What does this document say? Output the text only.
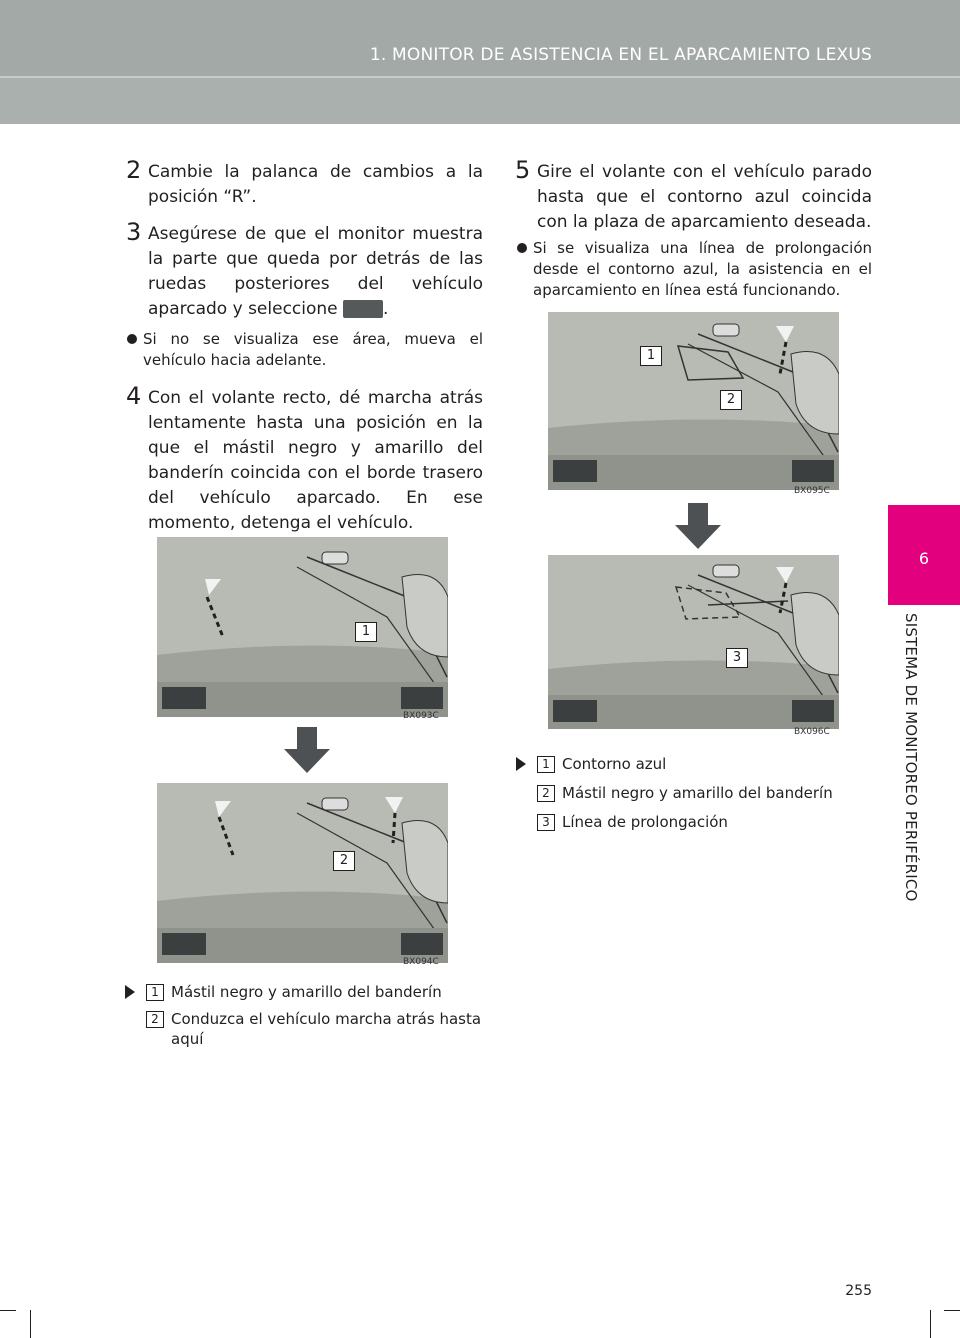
1. MONITOR DE ASISTENCIA EN EL APARCAMIENTO LEXUS
6
SISTEMA DE MONITOREO PERIFÉRICO
2 Cambie la palanca de cambios a la posición “R”.
3 Asegúrese de que el monitor muestra la parte que queda por detrás de las ruedas posteriores del vehículo aparcado y seleccione	.
Si no se visualiza ese área, mueva el vehículo hacia adelante.
4 Con el volante recto, dé marcha atrás lentamente hasta una posición en la que el mástil negro y amarillo del banderín coincida con el borde trasero del vehículo aparcado. En ese momento, detenga el vehículo.
1
BX093C
2
BX094C
1 Mástil negro y amarillo del banderín
2 Conduzca el vehículo marcha atrás hasta aquí
5 Gire el volante con el vehículo parado hasta que el contorno azul coincida con la plaza de aparcamiento deseada.
Si se visualiza una línea de prolongación desde el contorno azul, la asistencia en el aparcamiento en línea está funcionando.
1
2
BX095C
3
BX096C
1 Contorno azul
2 Mástil negro y amarillo del banderín
3 Línea de prolongación
255
